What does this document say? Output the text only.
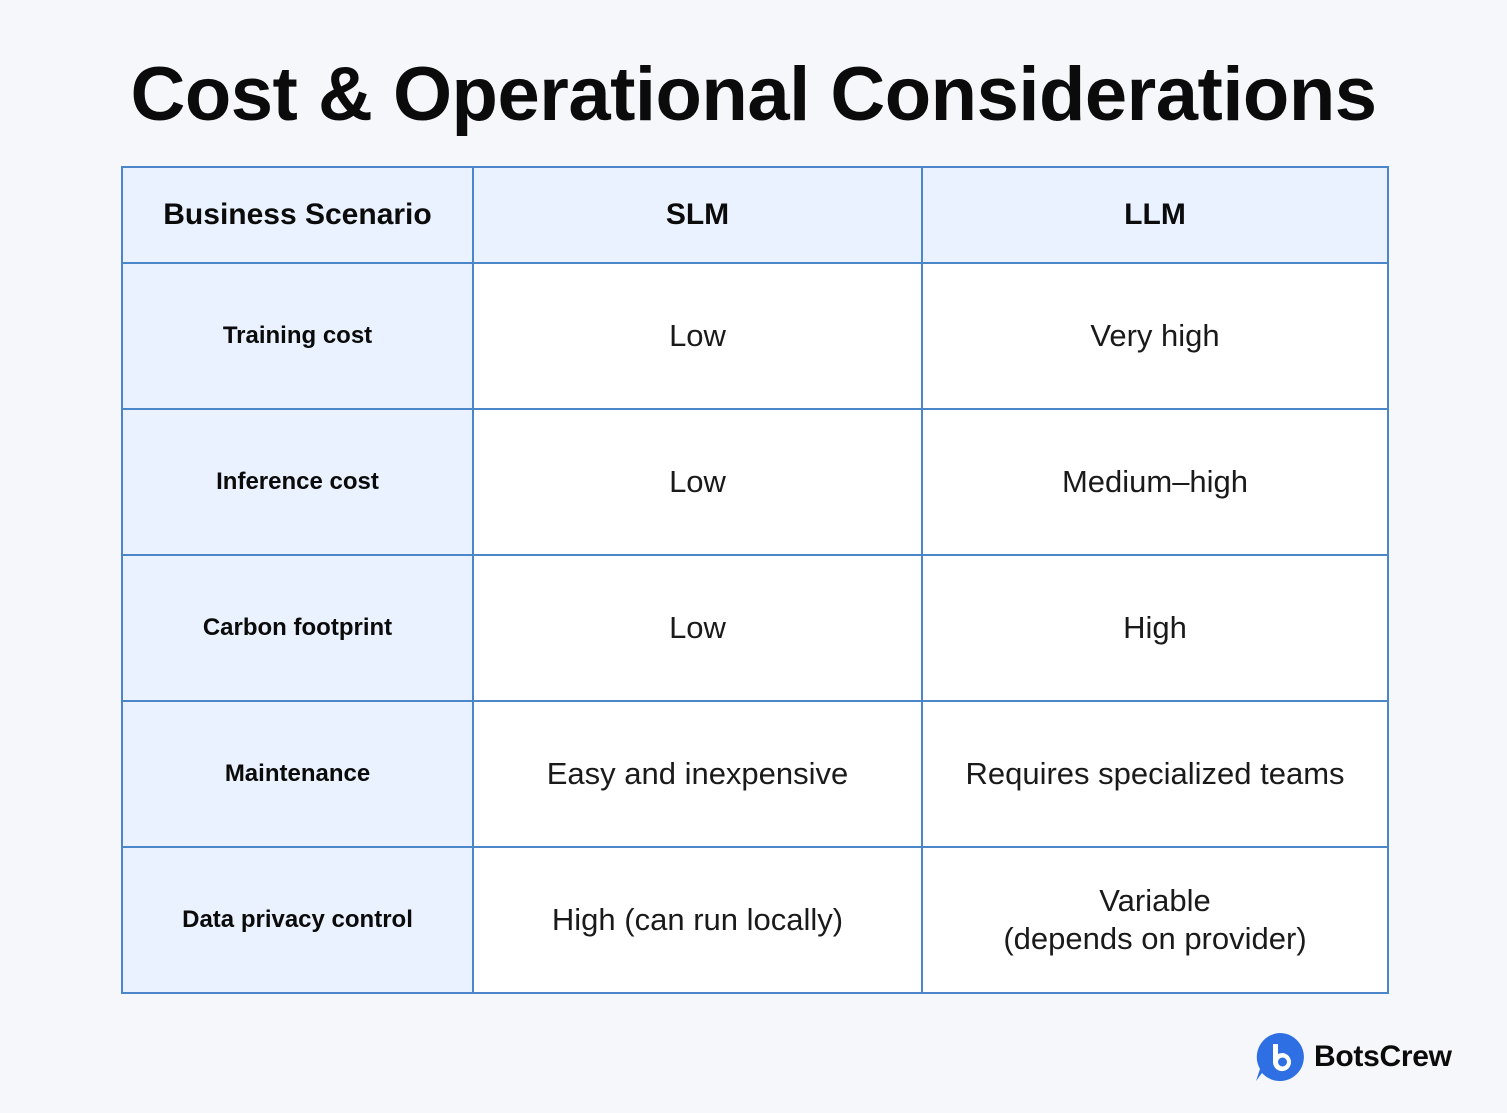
Cost & Operational Considerations
Business Scenario	SLM	LLM
Training cost	Low	Very high
Inference cost	Low	Medium–high
Carbon footprint	Low	High
Maintenance	Easy and inexpensive	Requires specialized teams
Data privacy control	High (can run locally)	Variable
(depends on provider)
BotsCrew
